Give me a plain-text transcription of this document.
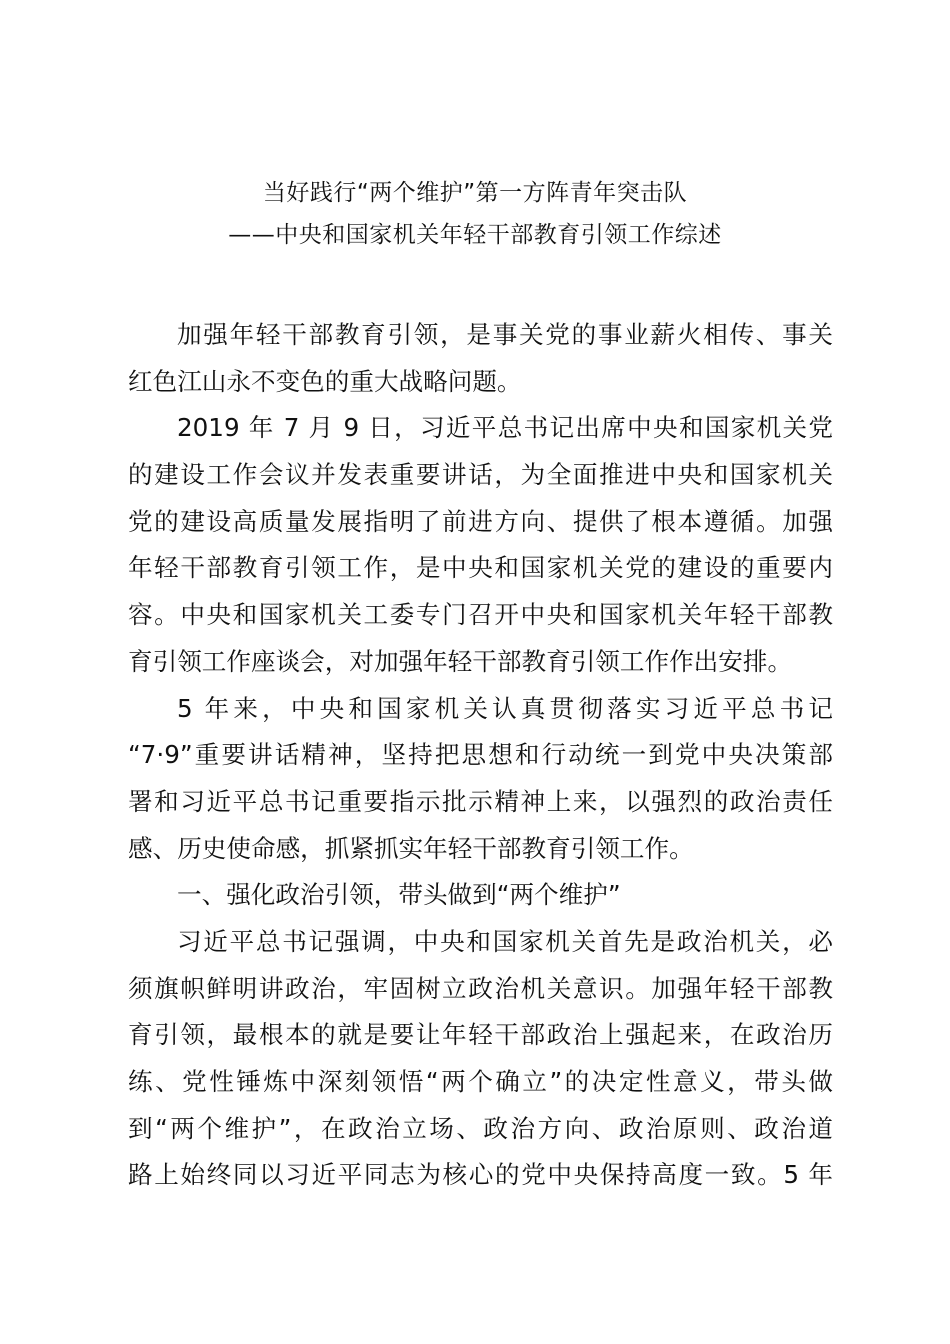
当好践行“两个维护”第一方阵青年突击队
——中央和国家机关年轻干部教育引领工作综述
加强年轻干部教育引领，是事关党的事业薪火相传、事关
红色江山永不变色的重大战略问题。
2019 年 7 月 9 日，习近平总书记出席中央和国家机关党
的建设工作会议并发表重要讲话，为全面推进中央和国家机关
党的建设高质量发展指明了前进方向、提供了根本遵循。加强
年轻干部教育引领工作，是中央和国家机关党的建设的重要内
容。中央和国家机关工委专门召开中央和国家机关年轻干部教
育引领工作座谈会，对加强年轻干部教育引领工作作出安排。
5 年来，中央和国家机关认真贯彻落实习近平总书记
“7·9”重要讲话精神，坚持把思想和行动统一到党中央决策部
署和习近平总书记重要指示批示精神上来，以强烈的政治责任
感、历史使命感，抓紧抓实年轻干部教育引领工作。
一、强化政治引领，带头做到“两个维护”
习近平总书记强调，中央和国家机关首先是政治机关，必
须旗帜鲜明讲政治，牢固树立政治机关意识。加强年轻干部教
育引领，最根本的就是要让年轻干部政治上强起来，在政治历
练、党性锤炼中深刻领悟“两个确立”的决定性意义，带头做
到“两个维护”，在政治立场、政治方向、政治原则、政治道
路上始终同以习近平同志为核心的党中央保持高度一致。5 年
